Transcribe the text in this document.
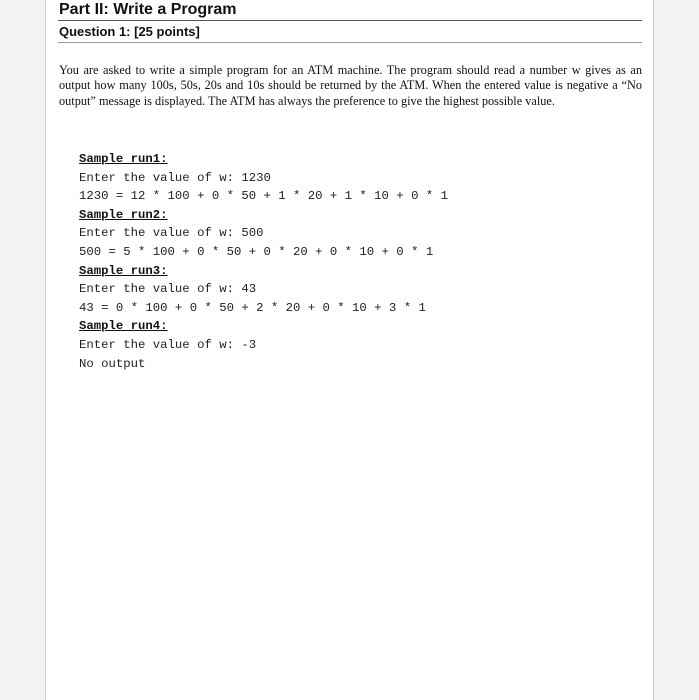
Part II: Write a Program
Question 1: [25 points]
You are asked to write a simple program for an ATM machine. The program should read a number w gives as an output how many 100s, 50s, 20s and 10s should be returned by the ATM. When the entered value is negative a “No output” message is displayed. The ATM has always the preference to give the highest possible value.
Sample run1:
Enter the value of w: 1230
1230 = 12 * 100 + 0 * 50 + 1 * 20 + 1 * 10 + 0 * 1
Sample run2:
Enter the value of w: 500
500 = 5 * 100 + 0 * 50 + 0 * 20 + 0 * 10 + 0 * 1
Sample run3:
Enter the value of w: 43
43 = 0 * 100 + 0 * 50 + 2 * 20 + 0 * 10 + 3 * 1
Sample run4:
Enter the value of w: -3
No output
